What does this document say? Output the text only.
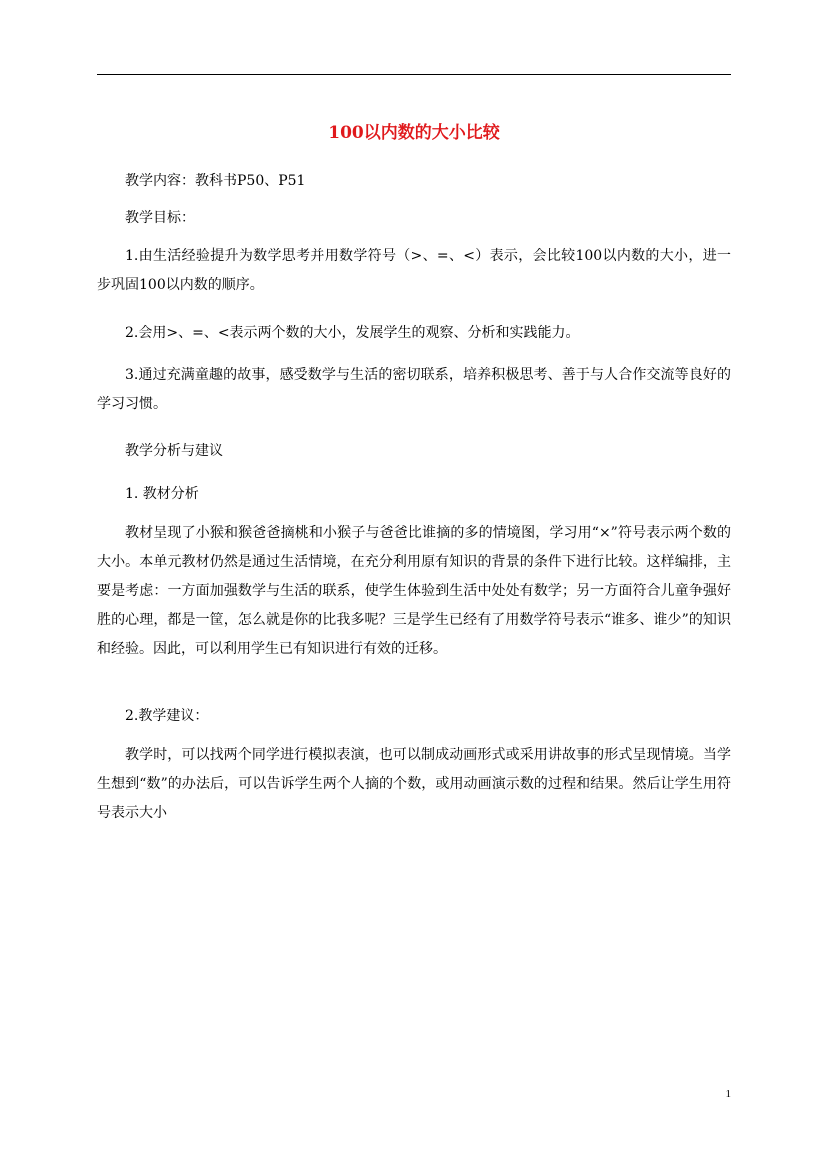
100以内数的大小比较
教学内容：教科书P50、P51
教学目标：
1.由生活经验提升为数学思考并用数学符号（>、=、<）表示，会比较100以内数的大小，进一步巩固100以内数的顺序。
2.会用>、=、<表示两个数的大小，发展学生的观察、分析和实践能力。
3.通过充满童趣的故事，感受数学与生活的密切联系，培养积极思考、善于与人合作交流等良好的学习习惯。
教学分析与建议
1. 教材分析
教材呈现了小猴和猴爸爸摘桃和小猴子与爸爸比谁摘的多的情境图，学习用“×”符号表示两个数的大小。本单元教材仍然是通过生活情境，在充分利用原有知识的背景的条件下进行比较。这样编排，主要是考虑：一方面加强数学与生活的联系，使学生体验到生活中处处有数学；另一方面符合儿童争强好胜的心理，都是一筐，怎么就是你的比我多呢？三是学生已经有了用数学符号表示“谁多、谁少”的知识和经验。因此，可以利用学生已有知识进行有效的迁移。
2.教学建议：
教学时，可以找两个同学进行模拟表演，也可以制成动画形式或采用讲故事的形式呈现情境。当学生想到“数”的办法后，可以告诉学生两个人摘的个数，或用动画演示数的过程和结果。然后让学生用符号表示大小
1
